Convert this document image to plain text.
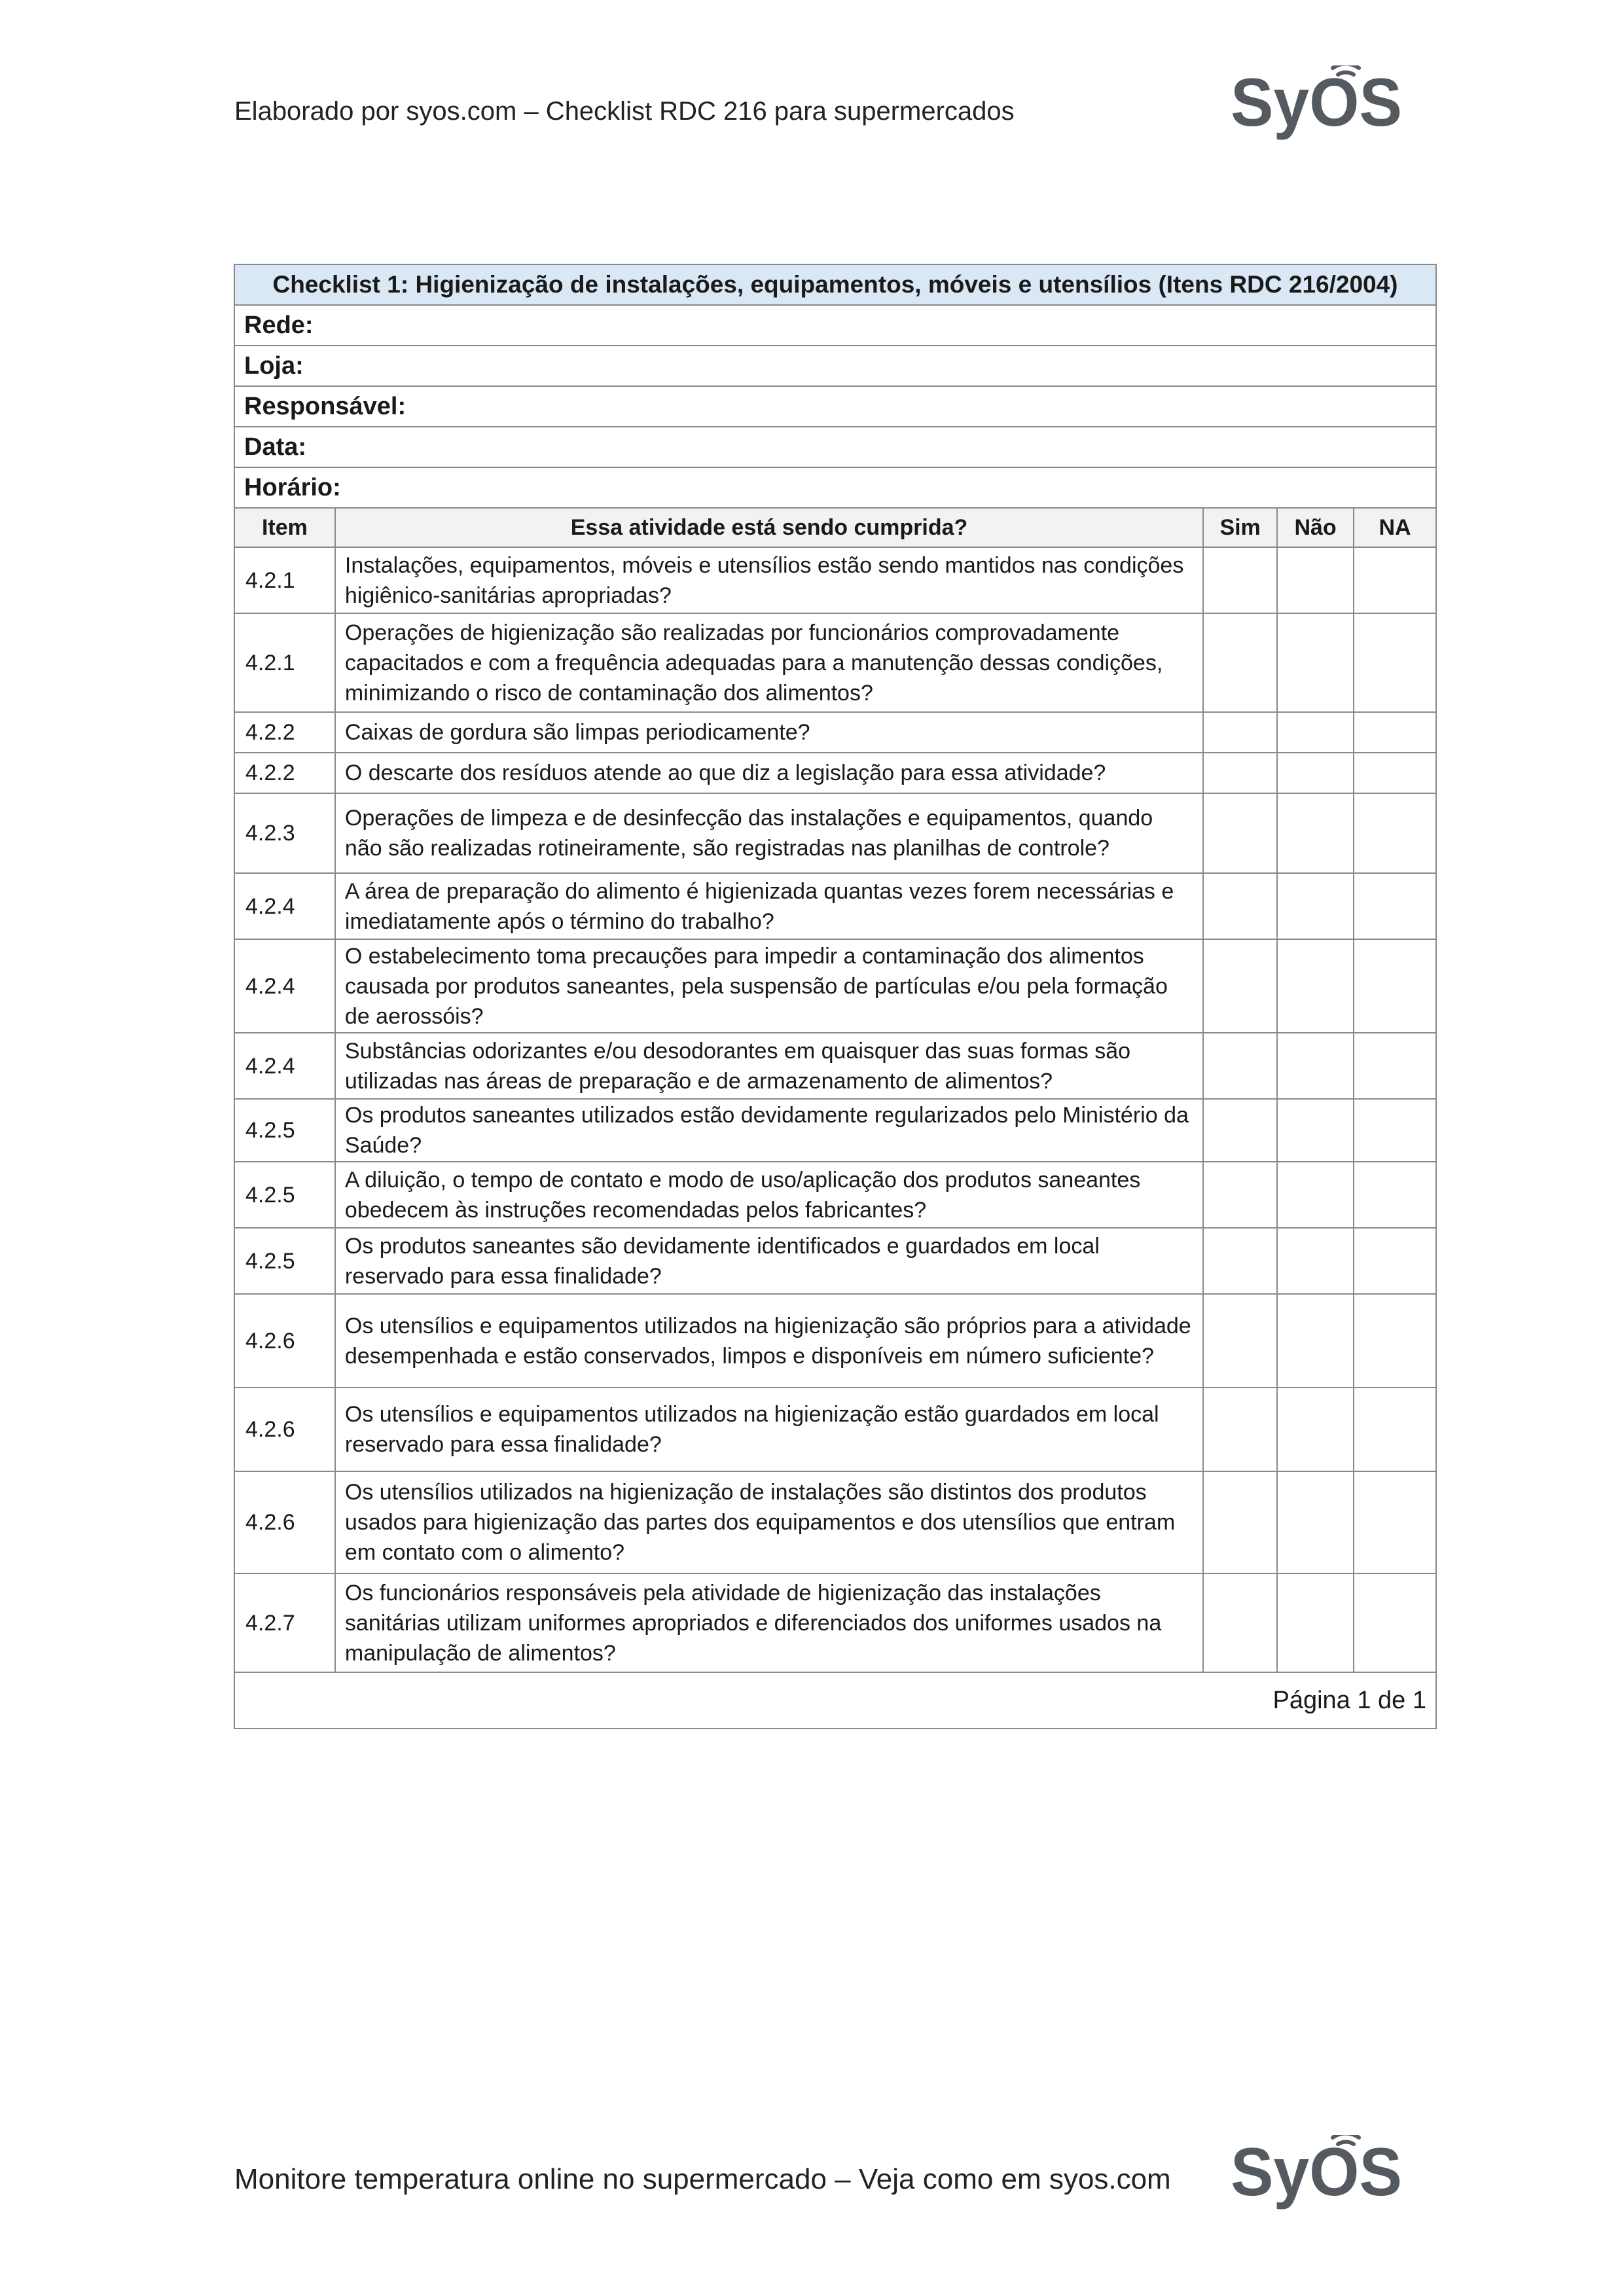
Elaborado por syos.com – Checklist RDC 216 para supermercados	SyOS
Checklist 1: Higienização de instalações, equipamentos, móveis e utensílios (Itens RDC 216/2004)				
Rede:				
Loja:				
Responsável:				
Data:				
Horário:				
Item	Essa atividade está sendo cumprida?	Sim	Não	NA
4.2.1	Instalações, equipamentos, móveis e utensílios estão sendo mantidos nas condições higiênico-sanitárias apropriadas?			
4.2.1	Operações de higienização são realizadas por funcionários comprovadamente capacitados e com a frequência adequadas para a manutenção dessas condições, minimizando o risco de contaminação dos alimentos?			
4.2.2	Caixas de gordura são limpas periodicamente?			
4.2.2	O descarte dos resíduos atende ao que diz a legislação para essa atividade?			
4.2.3	Operações de limpeza e de desinfecção das instalações e equipamentos, quando não são realizadas rotineiramente, são registradas nas planilhas de controle?			
4.2.4	A área de preparação do alimento é higienizada quantas vezes forem necessárias e imediatamente após o término do trabalho?			
4.2.4	O estabelecimento toma precauções para impedir a contaminação dos alimentos causada por produtos saneantes, pela suspensão de partículas e/ou pela formação de aerossóis?			
4.2.4	Substâncias odorizantes e/ou desodorantes em quaisquer das suas formas são utilizadas nas áreas de preparação e de armazenamento de alimentos?			
4.2.5	Os produtos saneantes utilizados estão devidamente regularizados pelo Ministério da Saúde?			
4.2.5	A diluição, o tempo de contato e modo de uso/aplicação dos produtos saneantes obedecem às instruções recomendadas pelos fabricantes?			
4.2.5	Os produtos saneantes são devidamente identificados e guardados em local reservado para essa finalidade?			
4.2.6	Os utensílios e equipamentos utilizados na higienização são próprios para a atividade desempenhada e estão conservados, limpos e disponíveis em número suficiente?			
4.2.6	Os utensílios e equipamentos utilizados na higienização estão guardados em local reservado para essa finalidade?			
4.2.6	Os utensílios utilizados na higienização de instalações são distintos dos produtos usados para higienização das partes dos equipamentos e dos utensílios que entram em contato com o alimento?			
4.2.7	Os funcionários responsáveis pela atividade de higienização das instalações sanitárias utilizam uniformes apropriados e diferenciados dos uniformes usados na manipulação de alimentos?			
Página 1 de 1				
SyOS
Monitore temperatura online no supermercado – Veja como em syos.com
